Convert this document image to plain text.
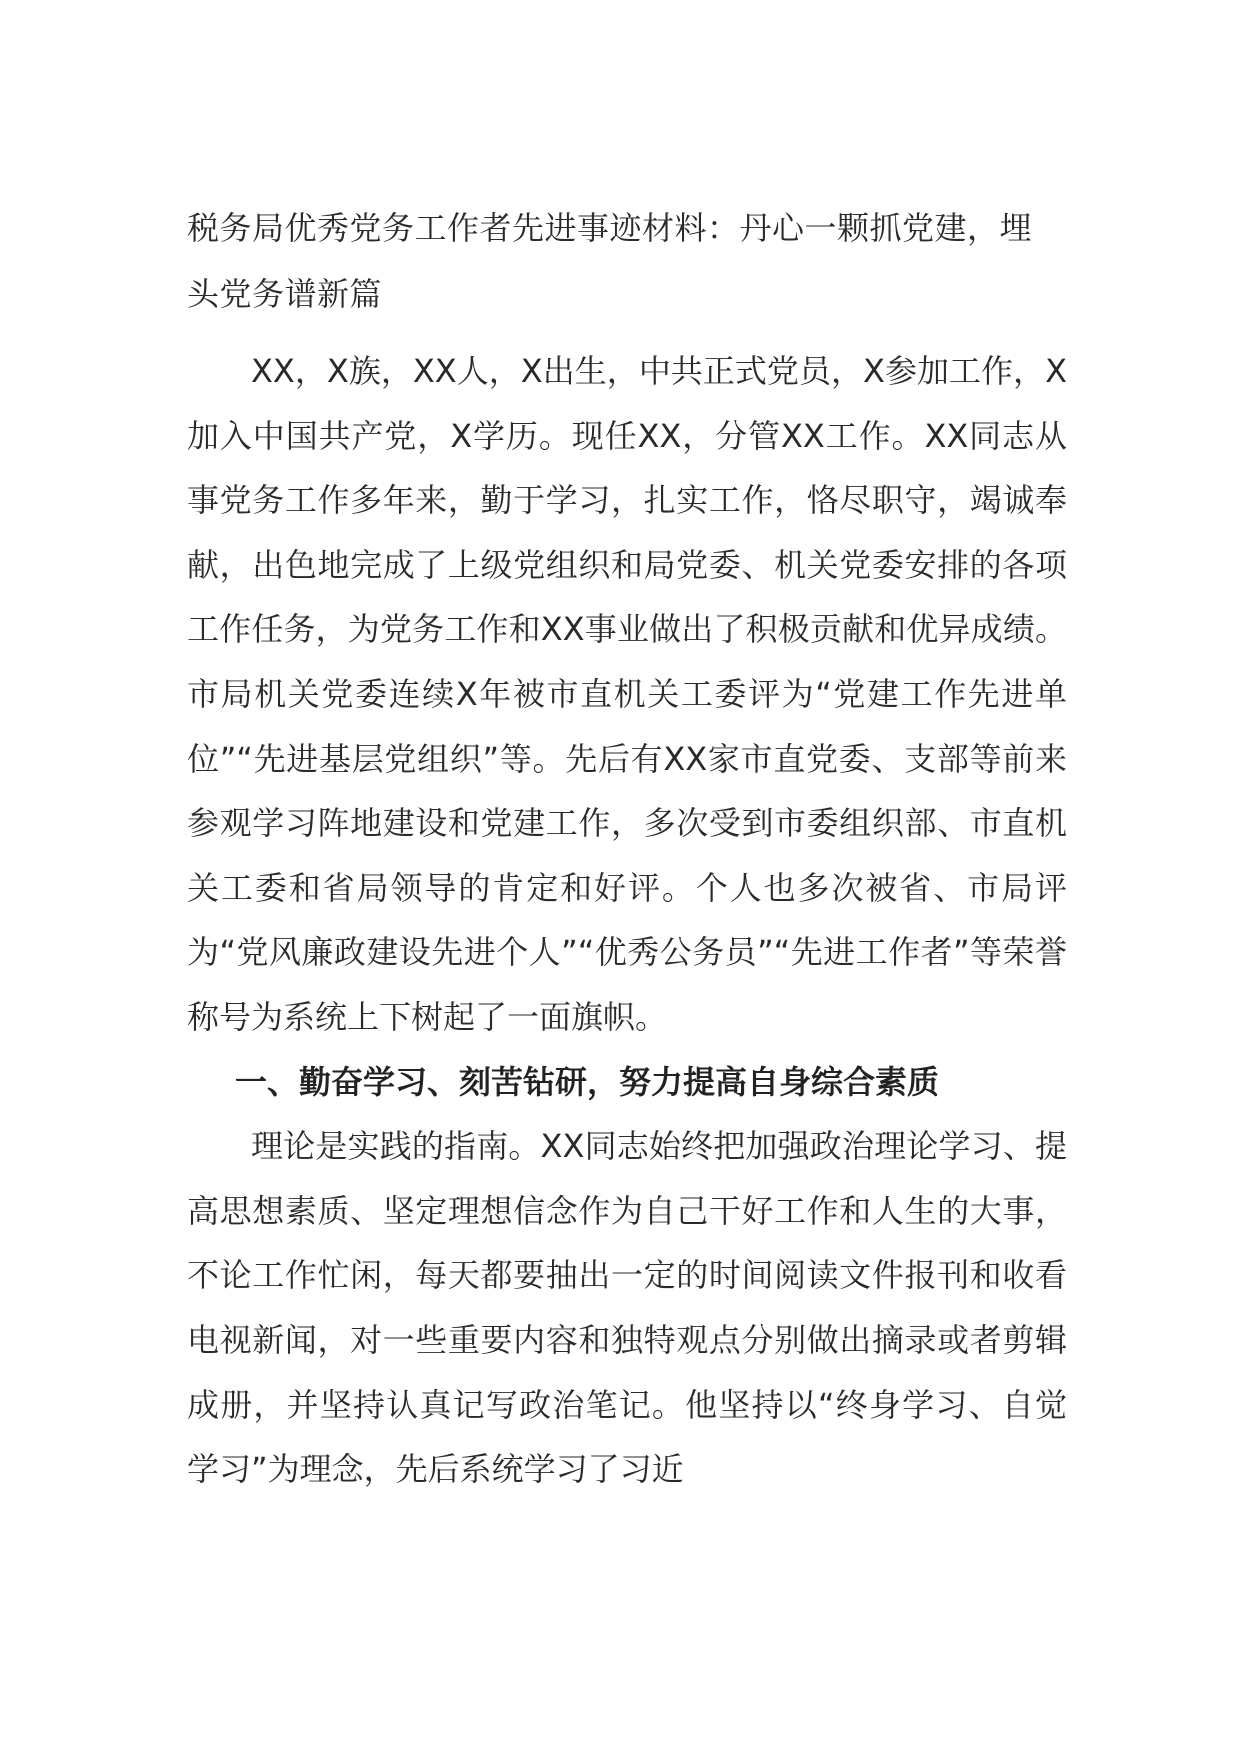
税务局优秀党务工作者先进事迹材料：丹心一颗抓党建，埋头党务谱新篇

XX，X族，XX人，X出生，中共正式党员，X参加工作，X加入中国共产党，X学历。现任XX，分管XX工作。XX同志从事党务工作多年来，勤于学习，扎实工作，恪尽职守，竭诚奉献，出色地完成了上级党组织和局党委、机关党委安排的各项工作任务，为党务工作和XX事业做出了积极贡献和优异成绩。市局机关党委连续X年被市直机关工委评为“党建工作先进单位”“先进基层党组织”等。先后有XX家市直党委、支部等前来参观学习阵地建设和党建工作，多次受到市委组织部、市直机关工委和省局领导的肯定和好评。个人也多次被省、市局评为“党风廉政建设先进个人”“优秀公务员”“先进工作者”等荣誉称号为系统上下树起了一面旗帜。

一、勤奋学习、刻苦钻研，努力提高自身综合素质

理论是实践的指南。XX同志始终把加强政治理论学习、提高思想素质、坚定理想信念作为自己干好工作和人生的大事，不论工作忙闲，每天都要抽出一定的时间阅读文件报刊和收看电视新闻，对一些重要内容和独特观点分别做出摘录或者剪辑成册，并坚持认真记写政治笔记。他坚持以“终身学习、自觉学习”为理念，先后系统学习了习近
